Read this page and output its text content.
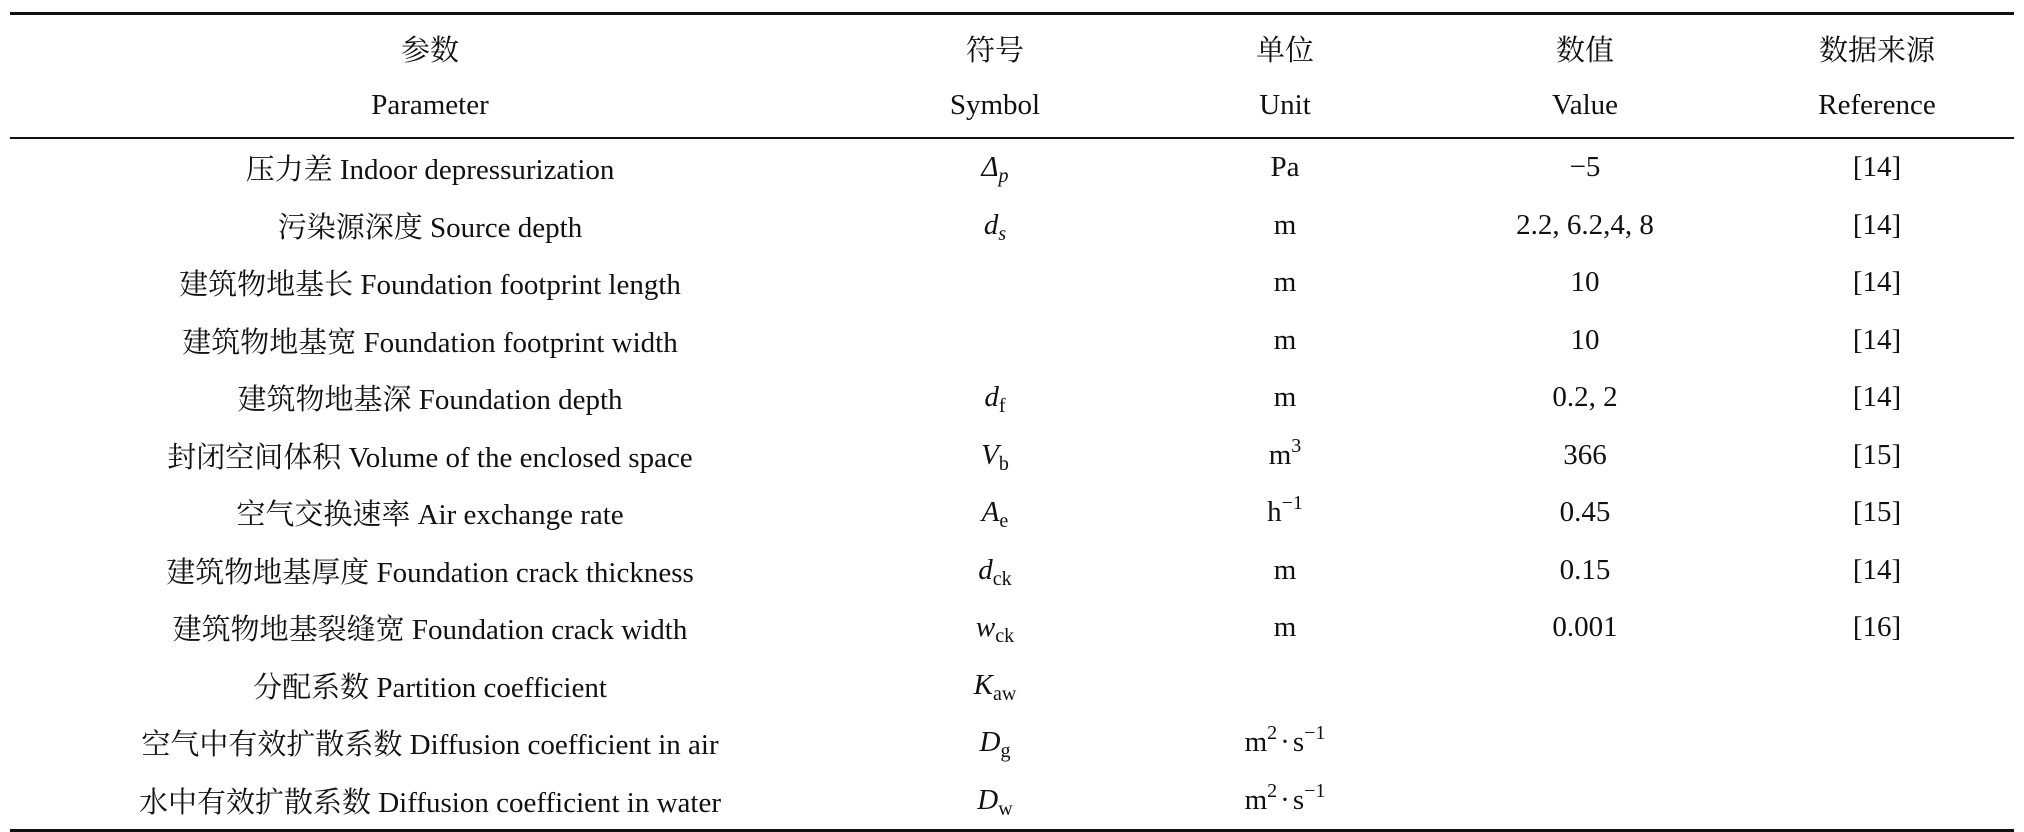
参数	符号	单位	数值	数据来源
Parameter	Symbol	Unit	Value	Reference
压力差 Indoor depressurization	$\Delta_p$	Pa	−5	[14]
污染源深度 Source depth	$d_s$	m	2.2, 6.2,4, 8	[14]
建筑物地基长 Foundation footprint length		m	10	[14]
建筑物地基宽 Foundation footprint width		m	10	[14]
建筑物地基深 Foundation depth	$d_f$	m	0.2, 2	[14]
封闭空间体积 Volume of the enclosed space	$V_b$	$m^3$	366	[15]
空气交换速率 Air exchange rate	$A_e$	$h^{-1}$	0.45	[15]
建筑物地基厚度 Foundation crack thickness	$d_{ck}$	m	0.15	[14]
建筑物地基裂缝宽 Foundation crack width	$w_{ck}$	m	0.001	[16]
分配系数 Partition coefficient	$K_{aw}$			
空气中有效扩散系数 Diffusion coefficient in air	$D_g$	$m^2 \cdot s^{-1}$		
水中有效扩散系数 Diffusion coefficient in water	$D_w$	$m^2 \cdot s^{-1}$		
